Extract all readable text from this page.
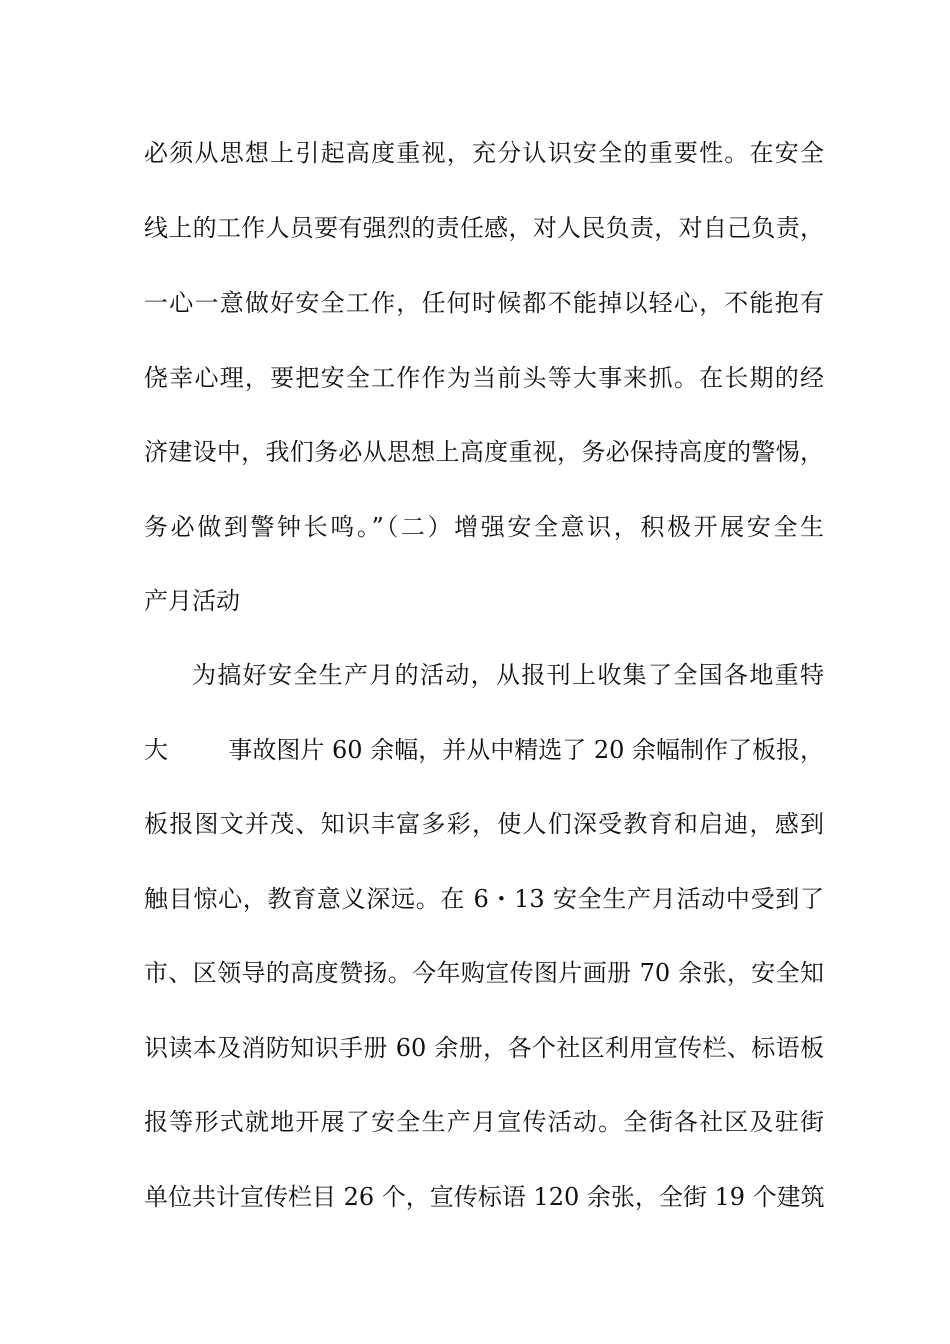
必须从思想上引起高度重视，充分认识安全的重要性。在安全
线上的工作人员要有强烈的责任感，对人民负责，对自己负责，
一心一意做好安全工作，任何时候都不能掉以轻心，不能抱有
侥幸心理，要把安全工作作为当前头等大事来抓。在长期的经
济建设中，我们务必从思想上高度重视，务必保持高度的警惕，
务必做到警钟长鸣。”（二）增强安全意识，积极开展安全生
产月活动
为搞好安全生产月的活动，从报刊上收集了全国各地重特
大	事故图片 60 余幅，并从中精选了 20 余幅制作了板报，
板报图文并茂、知识丰富多彩，使人们深受教育和启迪，感到
触目惊心，教育意义深远。在 6・13 安全生产月活动中受到了
市、区领导的高度赞扬。今年购宣传图片画册 70 余张，安全知
识读本及消防知识手册 60 余册，各个社区利用宣传栏、标语板
报等形式就地开展了安全生产月宣传活动。全街各社区及驻街
单位共计宣传栏目 26 个，宣传标语 120 余张，全街 19 个建筑
